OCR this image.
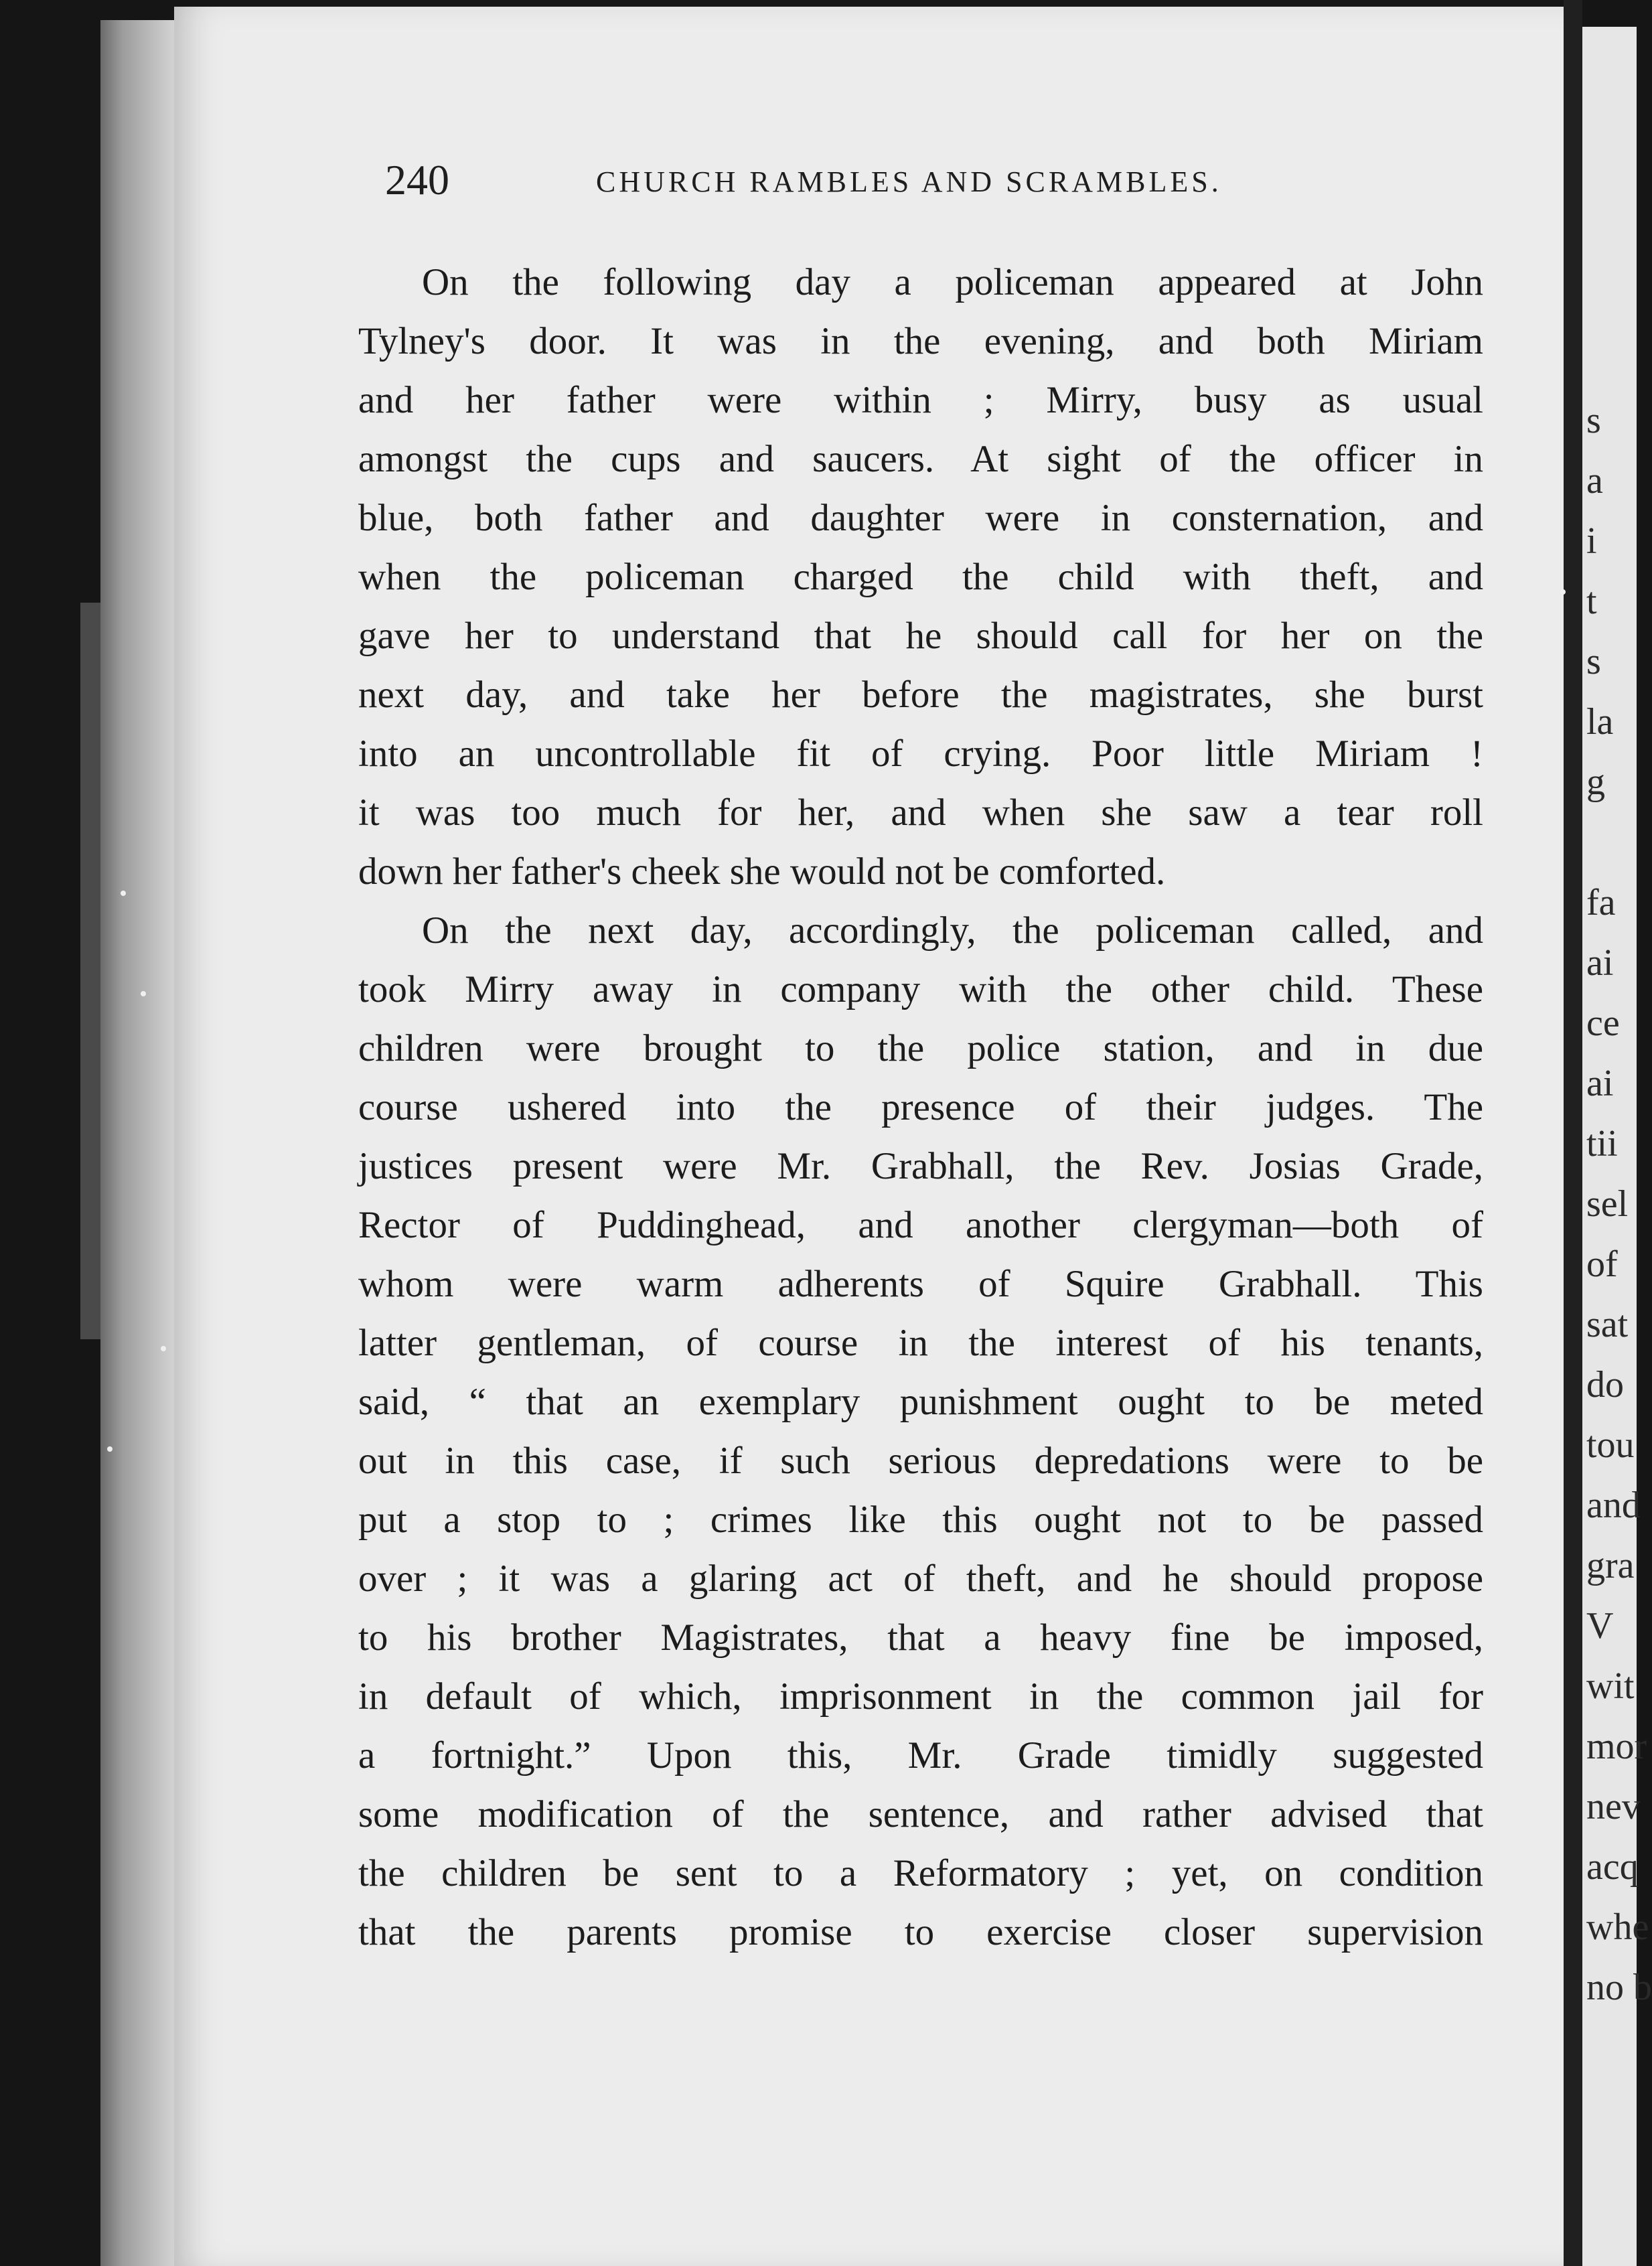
240	CHURCH RAMBLES AND SCRAMBLES.
On the following day a policeman appeared at John
Tylney's door. It was in the evening, and both Miriam
and her father were within ; Mirry, busy as usual
amongst the cups and saucers. At sight of the officer in
blue, both father and daughter were in consternation, and
when the policeman charged the child with theft, and
gave her to understand that he should call for her on the
next day, and take her before the magistrates, she burst
into an uncontrollable fit of crying. Poor little Miriam !
it was too much for her, and when she saw a tear roll
down her father's cheek she would not be comforted.
On the next day, accordingly, the policeman called, and
took Mirry away in company with the other child. These
children were brought to the police station, and in due
course ushered into the presence of their judges. The
justices present were Mr. Grabhall, the Rev. Josias Grade,
Rector of Puddinghead, and another clergyman—both of
whom were warm adherents of Squire Grabhall. This
latter gentleman, of course in the interest of his tenants,
said, “ that an exemplary punishment ought to be meted
out in this case, if such serious depredations were to be
put a stop to ; crimes like this ought not to be passed
over ; it was a glaring act of theft, and he should propose
to his brother Magistrates, that a heavy fine be imposed,
in default of which, imprisonment in the common jail for
a fortnight.” Upon this, Mr. Grade timidly suggested
some modification of the sentence, and rather advised that
the children be sent to a Reformatory ; yet, on condition
that the parents promise to exercise closer supervision
s
a
i
t
s
la
g
fa
ai
ce
ai
tii
sel
of
sat
do
tou
and
gra
V
wit
mor
nev
acq
whe
no b
